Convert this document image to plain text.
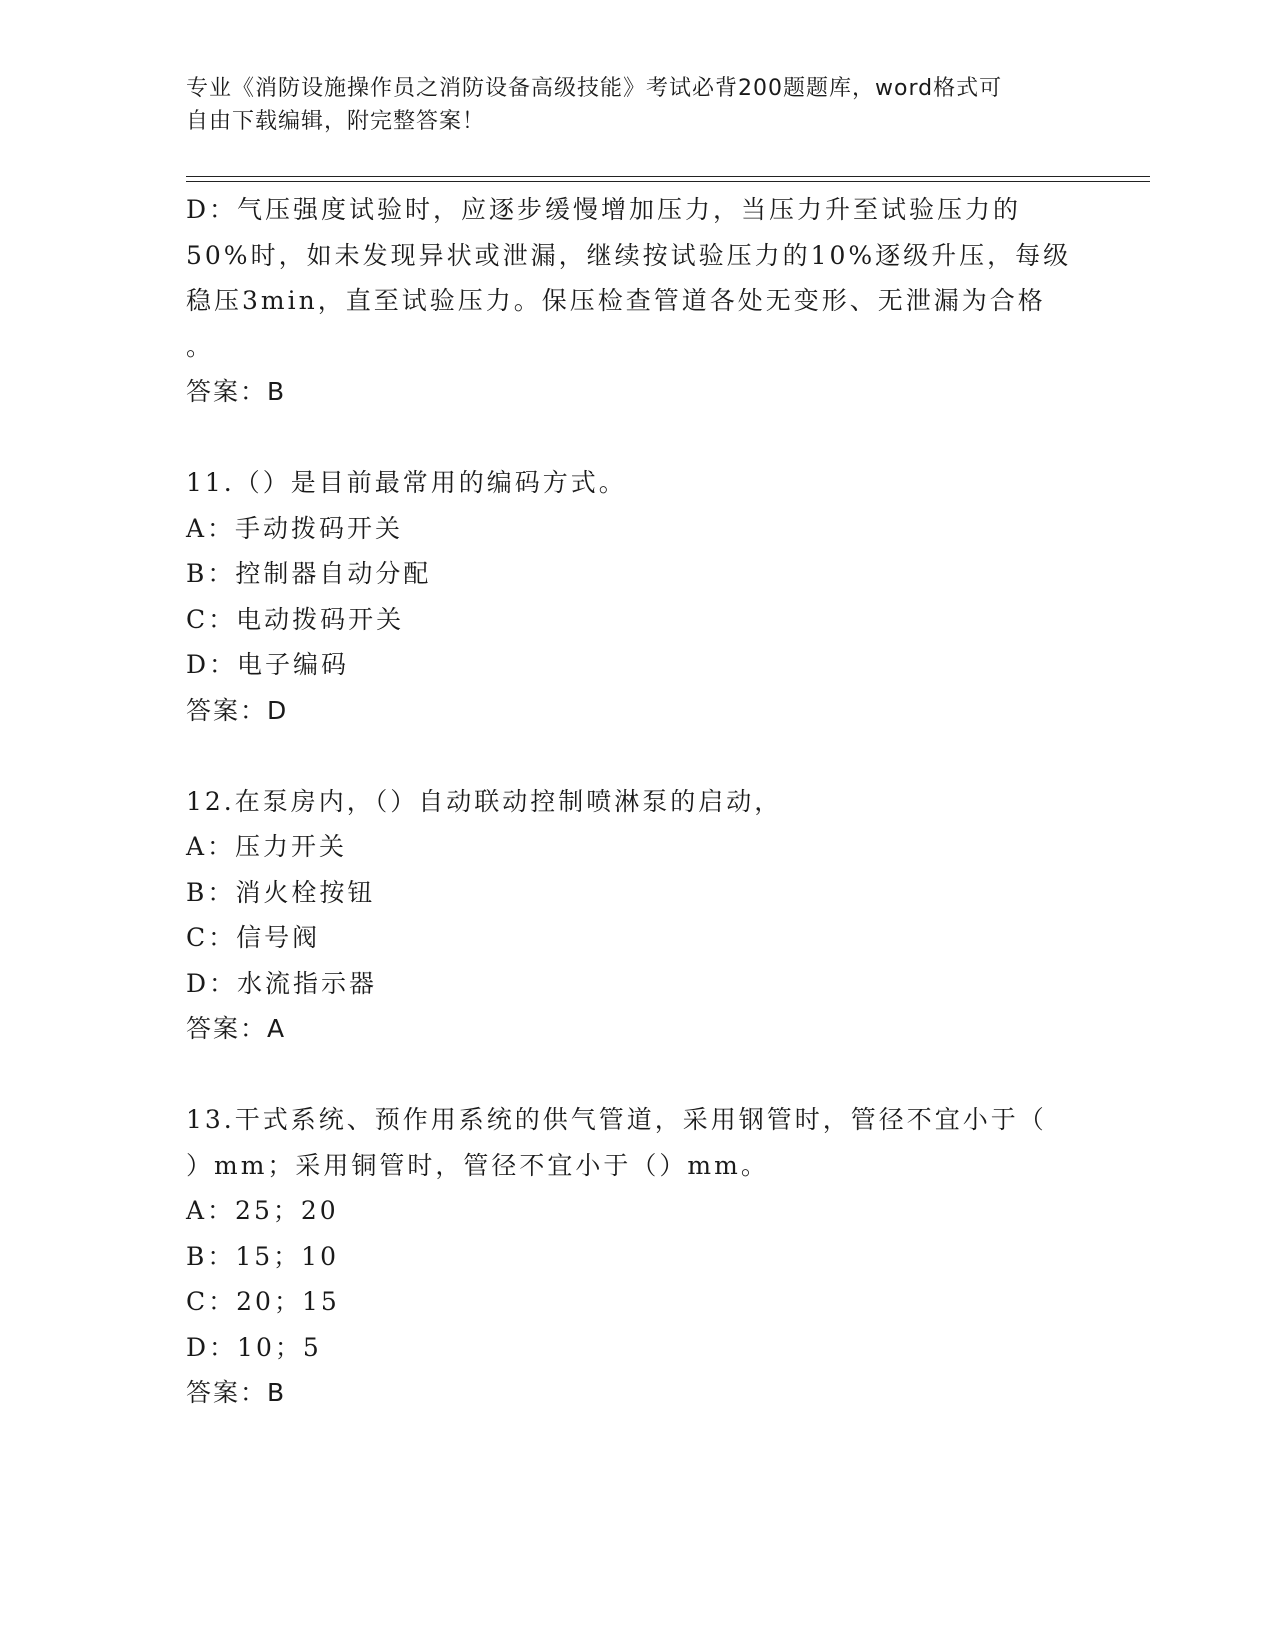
专业《消防设施操作员之消防设备高级技能》考试必背200题题库，word格式可
自由下载编辑，附完整答案！
D：气压强度试验时，应逐步缓慢增加压力，当压力升至试验压力的
50%时，如未发现异状或泄漏，继续按试验压力的10%逐级升压，每级
稳压3min，直至试验压力。保压检查管道各处无变形、无泄漏为合格
。
答案：B
11.（）是目前最常用的编码方式。
A：手动拨码开关
B：控制器自动分配
C：电动拨码开关
D：电子编码
答案：D
12.在泵房内，（）自动联动控制喷淋泵的启动，
A：压力开关
B：消火栓按钮
C：信号阀
D：水流指示器
答案：A
13.干式系统、预作用系统的供气管道，采用钢管时，管径不宜小于（
）mm；采用铜管时，管径不宜小于（）mm。
A：25；20
B：15；10
C：20；15
D：10；5
答案：B
